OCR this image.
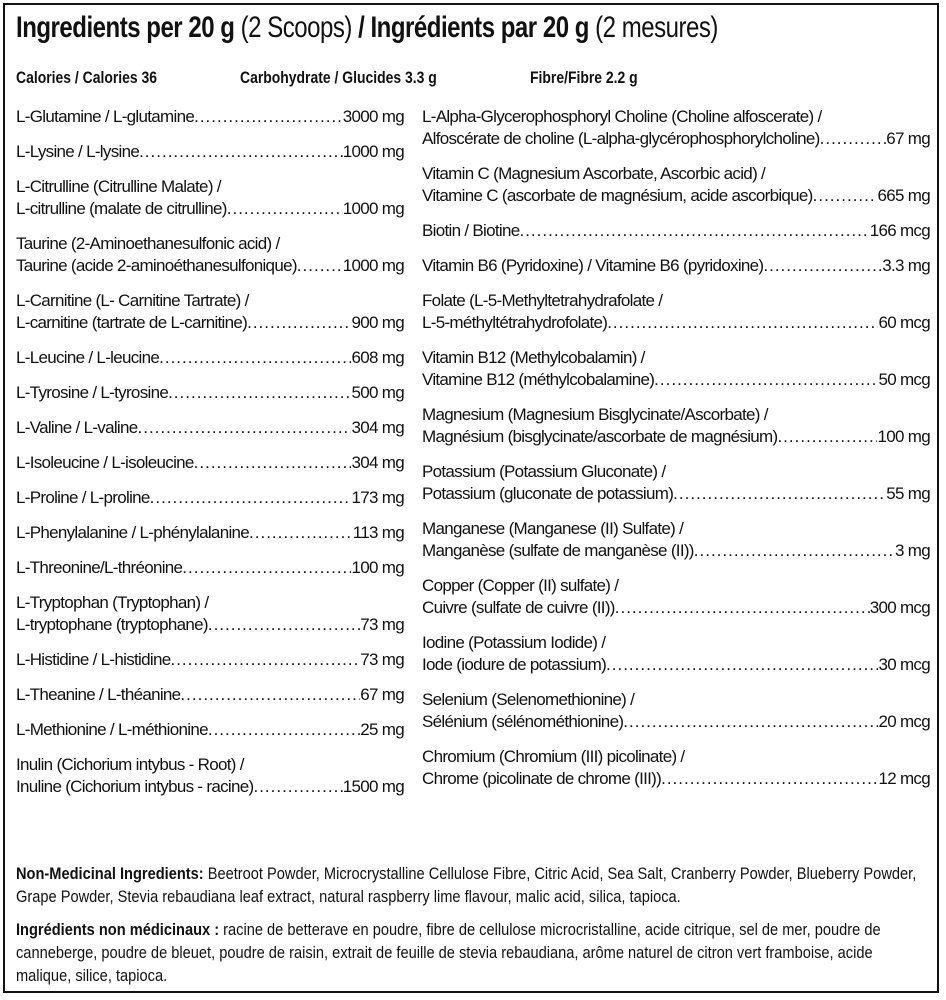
Ingredients per 20 g (2 Scoops) / Ingrédients par 20 g (2 mesures)
Calories / Calories 36	Carbohydrate / Glucides 3.3 g	Fibre/Fibre 2.2 g
L-Glutamine / L-glutamine .....	3000 mg
L-Lysine / L-lysine .....	1000 mg
L-Citrulline (Citrulline Malate) /
L-citrulline (malate de citrulline) .....	1000 mg
Taurine (2-Aminoethanesulfonic acid) /
Taurine (acide 2-aminoéthanesulfonique) .....	1000 mg
L-Carnitine (L- Carnitine Tartrate) /
L-carnitine (tartrate de L-carnitine) .....	900 mg
L-Leucine / L-leucine .....	608 mg
L-Tyrosine / L-tyrosine .....	500 mg
L-Valine / L-valine .....	304 mg
L-Isoleucine / L-isoleucine .....	304 mg
L-Proline / L-proline .....	173 mg
L-Phenylalanine / L-phénylalanine .....	113 mg
L-Threonine/L-thréonine .....	100 mg
L-Tryptophan (Tryptophan) /
L-tryptophane (tryptophane) .....	73 mg
L-Histidine / L-histidine .....	73 mg
L-Theanine / L-théanine .....	67 mg
L-Methionine / L-méthionine .....	25 mg
Inulin (Cichorium intybus - Root) /
Inuline (Cichorium intybus - racine) .....	1500 mg
L-Alpha-Glycerophosphoryl Choline (Choline alfoscerate) /
Alfoscérate de choline (L-alpha-glycérophosphorylcholine) .....	67 mg
Vitamin C (Magnesium Ascorbate, Ascorbic acid) /
Vitamine C (ascorbate de magnésium, acide ascorbique) .....	665 mg
Biotin / Biotine .....	166 mcg
Vitamin B6 (Pyridoxine) / Vitamine B6 (pyridoxine) .....	3.3 mg
Folate (L-5-Methyltetrahydrafolate /
L-5-méthyltétrahydrofolate) .....	60 mcg
Vitamin B12 (Methylcobalamin) /
Vitamine B12 (méthylcobalamine) .....	50 mcg
Magnesium (Magnesium Bisglycinate/Ascorbate) /
Magnésium (bisglycinate/ascorbate de magnésium) .....	100 mg
Potassium (Potassium Gluconate) /
Potassium (gluconate de potassium) .....	55 mg
Manganese (Manganese (II) Sulfate) /
Manganèse (sulfate de manganèse (II)) .....	3 mg
Copper (Copper (II) sulfate) /
Cuivre (sulfate de cuivre (II)) .....	300 mcg
Iodine (Potassium Iodide) /
Iode (iodure de potassium) .....	30 mcg
Selenium (Selenomethionine) /
Sélénium (sélénométhionine) .....	20 mcg
Chromium (Chromium (III) picolinate) /
Chrome (picolinate de chrome (III)) .....	12 mcg
Non-Medicinal Ingredients: Beetroot Powder, Microcrystalline Cellulose Fibre, Citric Acid, Sea Salt, Cranberry Powder, Blueberry Powder, Grape Powder, Stevia rebaudiana leaf extract, natural raspberry lime flavour, malic acid, silica, tapioca.
Ingrédients non médicinaux : racine de betterave en poudre, fibre de cellulose microcristalline, acide citrique, sel de mer, poudre de canneberge, poudre de bleuet, poudre de raisin, extrait de feuille de stevia rebaudiana, arôme naturel de citron vert framboise, acide malique, silice, tapioca.
